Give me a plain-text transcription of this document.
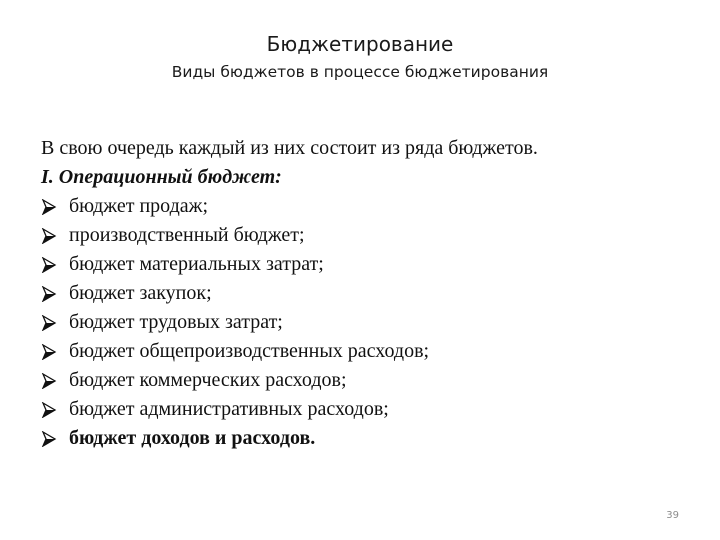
Бюджетирование
Виды бюджетов в процессе бюджетирования
В свою очередь каждый из них состоит из ряда бюджетов.
I. Операционный бюджет:
бюджет продаж;
производственный бюджет;
бюджет материальных затрат;
бюджет закупок;
бюджет трудовых затрат;
бюджет общепроизводственных расходов;
бюджет коммерческих расходов;
бюджет административных расходов;
бюджет доходов и расходов.
39
